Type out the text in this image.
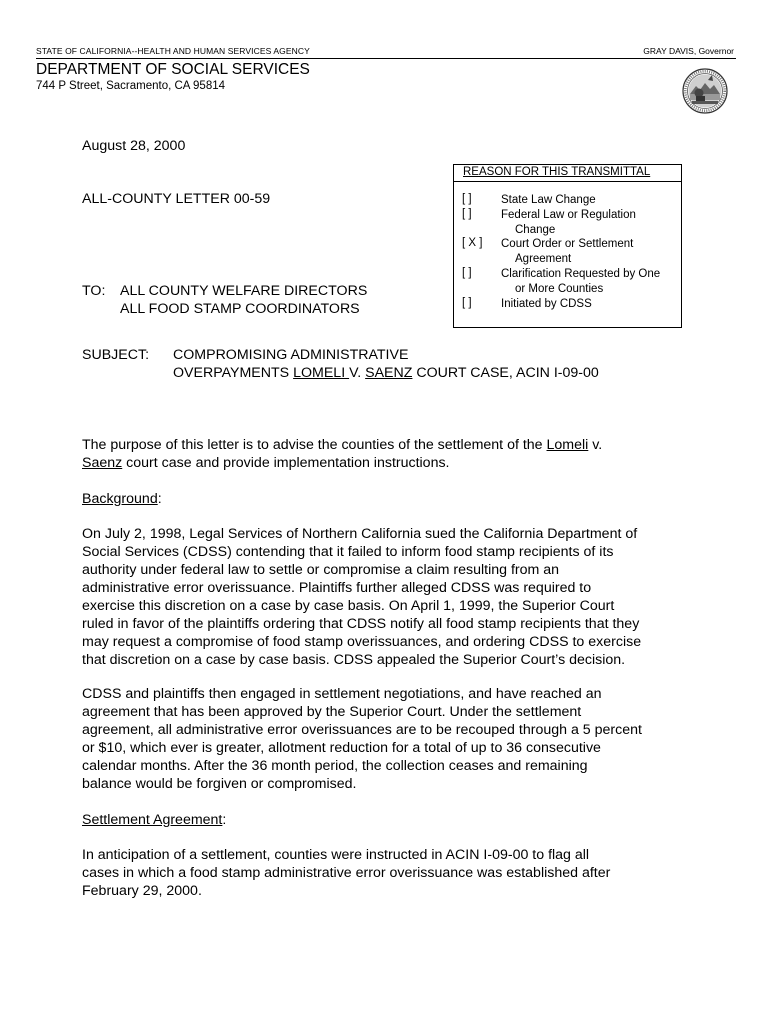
STATE OF CALIFORNIA--HEALTH AND HUMAN SERVICES AGENCY	GRAY DAVIS, Governor
DEPARTMENT OF SOCIAL SERVICES
744 P Street, Sacramento, CA 95814
August 28, 2000
ALL-COUNTY LETTER 00-59
TO: ALL COUNTY WELFARE DIRECTORS
ALL FOOD STAMP COORDINATORS
REASON FOR THIS TRANSMITTAL
[ ]	State Law Change
[ ]	Federal Law or Regulation
Change
[ X ]	Court Order or Settlement
Agreement
[ ]	Clarification Requested by One
or More Counties
[ ]	Initiated by CDSS
SUBJECT: COMPROMISING ADMINISTRATIVE
OVERPAYMENTS LOMELI V. SAENZ COURT CASE, ACIN I-09-00
The purpose of this letter is to advise the counties of the settlement of the Lomeli v.
Saenz court case and provide implementation instructions.
Background:
On July 2, 1998, Legal Services of Northern California sued the California Department of
Social Services (CDSS) contending that it failed to inform food stamp recipients of its
authority under federal law to settle or compromise a claim resulting from an
administrative error overissuance. Plaintiffs further alleged CDSS was required to
exercise this discretion on a case by case basis. On April 1, 1999, the Superior Court
ruled in favor of the plaintiffs ordering that CDSS notify all food stamp recipients that they
may request a compromise of food stamp overissuances, and ordering CDSS to exercise
that discretion on a case by case basis. CDSS appealed the Superior Court’s decision.
CDSS and plaintiffs then engaged in settlement negotiations, and have reached an
agreement that has been approved by the Superior Court. Under the settlement
agreement, all administrative error overissuances are to be recouped through a 5 percent
or $10, which ever is greater, allotment reduction for a total of up to 36 consecutive
calendar months. After the 36 month period, the collection ceases and remaining
balance would be forgiven or compromised.
Settlement Agreement:
In anticipation of a settlement, counties were instructed in ACIN I-09-00 to flag all
cases in which a food stamp administrative error overissuance was established after
February 29, 2000.
